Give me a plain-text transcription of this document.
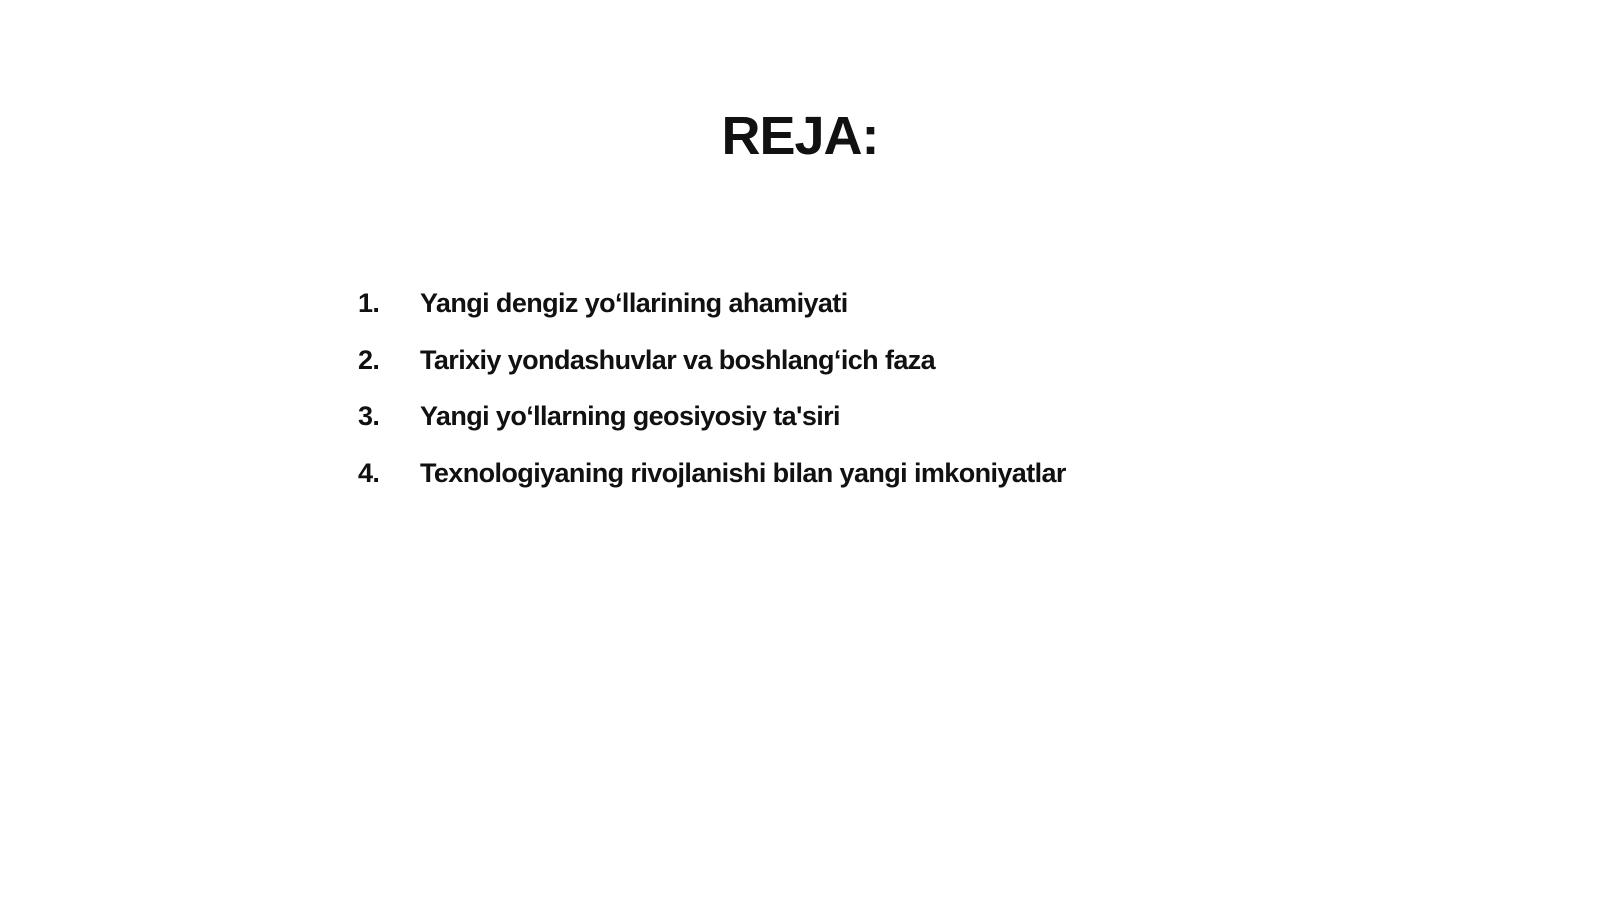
REJA:
1.	Yangi dengiz yo‘llarining ahamiyati
2.	Tarixiy yondashuvlar va boshlang‘ich faza
3.	Yangi yo‘llarning geosiyosiy ta'siri
4.	Texnologiyaning rivojlanishi bilan yangi imkoniyatlar
